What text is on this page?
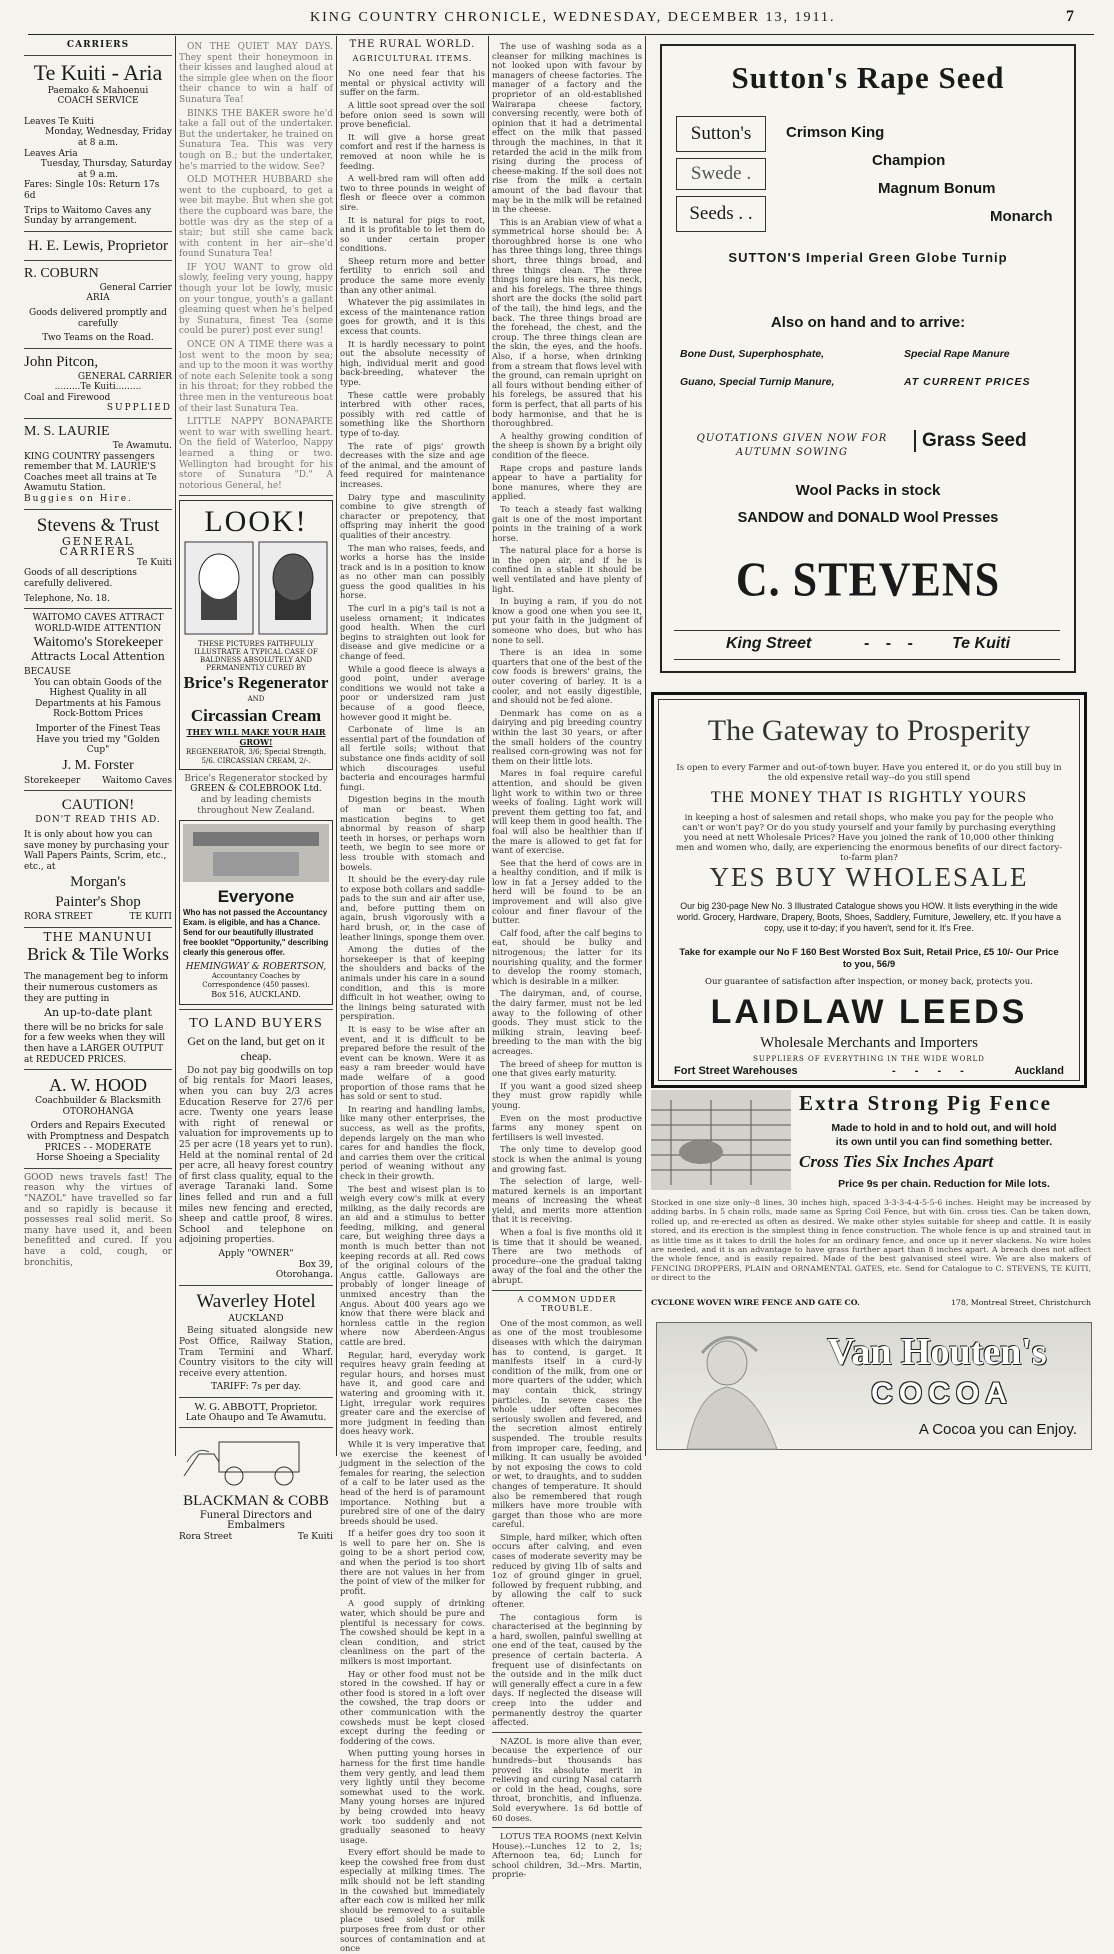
KING COUNTRY CHRONICLE, WEDNESDAY, DECEMBER 13, 1911.	7
CARRIERS
Te Kuiti - Aria
Paemako & Mahoenui
COACH SERVICE
Leaves Te Kuiti
Monday, Wednesday, Friday
at 8 a.m.
Leaves Aria
Tuesday, Thursday, Saturday
at 9 a.m.
Fares: Single 10s: Return 17s 6d
Trips to Waitomo Caves any Sunday by arrangement.
H. E. Lewis, Proprietor
R. COBURN
General Carrier
ARIA
Goods delivered promptly and carefully
Two Teams on the Road.
John Pitcon,
GENERAL CARRIER
.........Te Kuiti.........
Coal and Firewood
SUPPLIED
M. S. LAURIE
Te Awamutu.
KING COUNTRY passengers remember that M. LAURIE'S Coaches meet all trains at Te Awamutu Station.
Buggies on Hire.
Stevens & Trust
GENERAL
CARRIERS
Te Kuiti
Goods of all descriptions carefully delivered.
Telephone, No. 18.
WAITOMO CAVES ATTRACT WORLD-WIDE ATTENTION
Waitomo's Storekeeper
Attracts Local Attention
BECAUSE
You can obtain Goods of the Highest Quality in all Departments at his Famous Rock-Bottom Prices
Importer of the Finest Teas
Have you tried my "Golden Cup"
J. M. Forster
Storekeeper Waitomo Caves
CAUTION!
DON'T READ THIS AD.
It is only about how you can save money by purchasing your Wall Papers Paints, Scrim, etc., etc., at
Morgan's
Painter's Shop
RORA STREET	TE KUITI
THE MANUNUI
Brick & Tile Works
The management beg to inform their numerous customers as they are putting in
An up-to-date plant
there will be no bricks for sale for a few weeks when they will then have a LARGER OUTPUT at REDUCED PRICES.
A. W. HOOD
Coachbuilder & Blacksmith
OTOROHANGA
Orders and Repairs Executed with Promptness and Despatch
PRICES - - MODERATE
Horse Shoeing a Speciality
GOOD news travels fast! The reason why the virtues of "NAZOL" have travelled so far and so rapidly is because it possesses real solid merit. So many have used it, and been benefitted and cured. If you have a cold, cough, or bronchitis,
ON THE QUIET MAY DAYS. They spent their honeymoon in their kisses and laughed aloud at the simple glee when on the floor their chance to win a half of Sunatura Tea!
BINKS THE BAKER swore he'd take a fall out of the undertaker. But the undertaker, he trained on Sunatura Tea. This was very tough on B.; but the undertaker, he's married to the widow. See?
OLD MOTHER HUBBARD she went to the cupboard, to get a wee bit maybe. But when she got there the cupboard was bare, the bottle was dry as the step of a stair; but still she came back with content in her air--she'd found Sunatura Tea!
IF YOU WANT to grow old slowly, feeling very young, happy though your lot be lowly, music on your tongue, youth's a gallant gleaming quest when he's helped by Sunatura, finest Tea (some could be purer) post ever sung!
ONCE ON A TIME there was a lost went to the moon by sea; and up to the moon it was worthy of note each Selenite took a song in his throat; for they robbed the three men in the ventureous boat of their last Sunatura Tea.
LITTLE NAPPY BONAPARTE went to war with swelling heart. On the field of Waterloo, Nappy learned a thing or two. Wellington had brought for his store of Sunatura "D." A notorious General, he!
LOOK!
THESE PICTURES FAITHFULLY ILLUSTRATE A TYPICAL CASE OF BALDNESS ABSOLUTELY AND PERMANENTLY CURED BY
Brice's Regenerator
AND
Circassian Cream
THEY WILL MAKE YOUR HAIR GROW!
REGENERATOR, 3/6; Special Strength, 5/6. CIRCASSIAN CREAM, 2/-.
Brice's Regenerator stocked by
GREEN & COLEBROOK Ltd.
and by leading chemists throughout New Zealand.
Everyone
Who has not passed the Accountancy Exam. is eligible, and has a Chance. Send for our beautifully illustrated free booklet "Opportunity," describing clearly this generous offer.
HEMINGWAY & ROBERTSON,
Accountancy Coaches by Correspondence (450 passes).
Box 516, AUCKLAND.
TO LAND BUYERS
Get on the land, but get on it cheap.
Do not pay big goodwills on top of big rentals for Maori leases, when you can buy 2/3 acres Education Reserve for 27/6 per acre. Twenty one years lease with right of renewal or valuation for improvements up to 25 per acre (18 years yet to run). Held at the nominal rental of 2d per acre, all heavy forest country of first class quality, equal to the average Taranaki land. Some lines felled and run and a full miles new fencing and erected, sheep and cattle proof, 8 wires. School and telephone on adjoining properties.
Apply "OWNER"
Box 39,
Otorohanga.
Waverley Hotel
AUCKLAND
Being situated alongside new Post Office, Railway Station, Tram Termini and Wharf. Country visitors to the city will receive every attention.
TARIFF: 7s per day.
W. G. ABBOTT, Proprietor.
Late Ohaupo and Te Awamutu.
BLACKMAN & COBB
Funeral Directors and Embalmers
Rora Street	Te Kuiti
THE RURAL WORLD.
AGRICULTURAL ITEMS.
No one need fear that his mental or physical activity will suffer on the farm.
A little soot spread over the soil before onion seed is sown will prove beneficial.
It will give a horse great comfort and rest if the harness is removed at noon while he is feeding.
A well-bred ram will often add two to three pounds in weight of flesh or fleece over a common sire.
It is natural for pigs to root, and it is profitable to let them do so under certain proper conditions.
Sheep return more and better fertility to enrich soil and produce the same more evenly than any other animal.
Whatever the pig assimilates in excess of the maintenance ration goes for growth, and it is this excess that counts.
It is hardly necessary to point out the absolute necessity of high, individual merit and good back-breeding, whatever the type.
These cattle were probably interbred with other races, possibly with red cattle of something like the Shorthorn type of to-day.
The rate of pigs' growth decreases with the size and age of the animal, and the amount of feed required for maintenance increases.
Dairy type and masculinity combine to give strength of character or prepotency, that offspring may inherit the good qualities of their ancestry.
The man who raises, feeds, and works a horse has the inside track and is in a position to know as no other man can possibly guess the good qualities in his horse.
The curl in a pig's tail is not a useless ornament; it indicates good health. When the curl begins to straighten out look for disease and give medicine or a change of feed.
While a good fleece is always a good point, under average conditions we would not take a poor or undersized ram just because of a good fleece, however good it might be.
Carbonate of lime is an essential part of the foundation of all fertile soils; without that substance one finds acidity of soil which discourages useful bacteria and encourages harmful fungi.
Digestion begins in the mouth of man or beast. When mastication begins to get abnormal by reason of sharp teeth in horses, or perhaps worn teeth, we begin to see more or less trouble with stomach and bowels.
It should be the every-day rule to expose both collars and saddle-pads to the sun and air after use, and, before putting them on again, brush vigorously with a hard brush, or, in the case of leather linings, sponge them over.
Among the duties of the horsekeeper is that of keeping the shoulders and backs of the animals under his care in a sound condition, and this is more difficult in hot weather, owing to the linings being saturated with perspiration.
It is easy to be wise after an event, and it is difficult to be prepared before the result of the event can be known. Were it as easy a ram breeder would have made welfare of a good proportion of those rams that he has sold or sent to stud.
In rearing and handling lambs, like many other enterprises, the success, as well as the profits, depends largely on the man who cares for and handles the flock, and carries them over the critical period of weaning without any check in their growth.
The best and wisest plan is to weigh every cow's milk at every milking, as the daily records are an aid and a stimulus to better feeding, milking, and general care, but weighing three days a month is much better than not keeping records at all. Red cows of the original colours of the Angus cattle. Galloways are probably of longer lineage of unmixed ancestry than the Angus. About 400 years ago we know that there were black and hornless cattle in the region where now Aberdeen-Angus cattle are bred.
Regular, hard, everyday work requires heavy grain feeding at regular hours, and horses must have it, and good care and watering and grooming with it. Light, irregular work requires greater care and the exercise of more judgment in feeding than does heavy work.
While it is very imperative that we exercise the keenest of judgment in the selection of the females for rearing, the selection of a calf to be later used as the head of the herd is of paramount importance. Nothing but a purebred sire of one of the dairy breeds should be used.
If a heifer goes dry too soon it is well to pare her on. She is going to be a short period cow, and when the period is too short there are not values in her from the point of view of the milker for profit.
A good supply of drinking water, which should be pure and plentiful is necessary for cows. The cowshed should be kept in a clean condition, and strict cleanliness on the part of the milkers is most important.
Hay or other food must not be stored in the cowshed. If hay or other food is stored in a loft over the cowshed, the trap doors or other communication with the cowsheds must be kept closed except during the feeding or foddering of the cows.
When putting young horses in harness for the first time handle them very gently, and lead them very lightly until they become somewhat used to the work. Many young horses are injured by being crowded into heavy work too suddenly and not gradually seasoned to heavy usage.
Every effort should be made to keep the cowshed free from dust especially at milking times. The milk should not be left standing in the cowshed but immediately after each cow is milked her milk should be removed to a suitable place used solely for milk purposes free from dust or other sources of contamination and at once
The use of washing soda as a cleanser for milking machines is not looked upon with favour by managers of cheese factories. The manager of a factory and the proprietor of an old-established Wairarapa cheese factory, conversing recently, were both of opinion that it had a detrimental effect on the milk that passed through the machines, in that it retarded the acid in the milk from rising during the process of cheese-making. If the soil does not rise from the milk a certain amount of the bad flavour that may be in the milk will be retained in the cheese.
This is an Arabian view of what a symmetrical horse should be: A thoroughbred horse is one who has three things long, three things short, three things broad, and three things clean. The three things long are his ears, his neck, and his forelegs. The three things short are the docks (the solid part of the tail), the hind legs, and the back. The three things broad are the forehead, the chest, and the croup. The three things clean are the skin, the eyes, and the hoofs. Also, if a horse, when drinking from a stream that flows level with the ground, can remain upright on all fours without bending either of his forelegs, be assured that his form is perfect, that all parts of his body harmonise, and that he is thoroughbred.
A healthy growing condition of the sheep is shown by a bright oily condition of the fleece.
Rape crops and pasture lands appear to have a partiality for bone manures, where they are applied.
To teach a steady fast walking gait is one of the most important points in the training of a work horse.
The natural place for a horse is in the open air, and if he is confined in a stable it should be well ventilated and have plenty of light.
In buying a ram, if you do not know a good one when you see it, put your faith in the judgment of someone who does, but who has none to sell.
There is an idea in some quarters that one of the best of the cow foods is brewers' grains, the outer covering of barley. It is a cooler, and not easily digestible, and should not be fed alone.
Denmark has come on as a dairying and pig breeding country within the last 30 years, or after the small holders of the country realised corn-growing was not for them on their little lots.
Mares in foal require careful attention, and should be given light work to within two or three weeks of foaling. Light work will prevent them getting too fat, and will keep them in good health. The foal will also be healthier than if the mare is allowed to get fat for want of exercise.
See that the herd of cows are in a healthy condition, and if milk is low in fat a Jersey added to the herd will be found to be an improvement and will also give colour and finer flavour of the butter.
Calf food, after the calf begins to eat, should be bulky and nitrogenous; the latter for its nourishing quality, and the former to develop the roomy stomach, which is desirable in a milker.
The dairyman, and, of course, the dairy farmer, must not be led away to the following of other goods. They must stick to the milking strain, leaving beef-breeding to the man with the big acreages.
The breed of sheep for mutton is one that gives early maturity.
If you want a good sized sheep they must grow rapidly while young.
Even on the most productive farms any money spent on fertilisers is well invested.
The only time to develop good stock is when the animal is young and growing fast.
The selection of large, well-matured kernels is an important means of increasing the wheat yield, and merits more attention that it is receiving.
When a foal is five months old it is time that it should be weaned. There are two methods of procedure--one the gradual taking away of the foal and the other the abrupt.
A COMMON UDDER TROUBLE.
One of the most common, as well as one of the most troublesome diseases with which the dairyman has to contend, is garget. It manifests itself in a curd-ly condition of the milk, from one or more quarters of the udder, which may contain thick, stringy particles. In severe cases the whole udder often becomes seriously swollen and fevered, and the secretion almost entirely suspended. The trouble results from improper care, feeding, and milking. It can usually be avoided by not exposing the cows to cold or wet, to draughts, and to sudden changes of temperature. It should also be remembered that rough milkers have more trouble with garget than those who are more careful.
Simple, hard milker, which often occurs after calving, and even cases of moderate severity may be reduced by giving 1lb of salts and 1oz of ground ginger in gruel, followed by frequent rubbing, and by allowing the calf to suck oftener.
The contagious form is characterised at the beginning by a hard, swollen, painful swelling at one end of the teat, caused by the presence of certain bacteria. A frequent use of disinfectants on the outside and in the milk duct will generally effect a cure in a few days. If neglected the disease will creep into the udder and permanently destroy the quarter affected.
NAZOL is more alive than ever, because the experience of our hundreds--but thousands has proved its absolute merit in relieving and curing Nasal catarrh or cold in the head, coughs, sore throat, bronchitis, and influenza. Sold everywhere. 1s 6d bottle of 60 doses.
LOTUS TEA ROOMS (next Kelvin House).--Lunches 12 to 2, 1s; Afternoon tea, 6d; Lunch for school children, 3d.--Mrs. Martin, proprie-
Sutton's Rape Seed
Sutton's
Swede .
Seeds . .
Crimson King
Champion
Magnum Bonum
Monarch
SUTTON'S Imperial Green Globe Turnip
Also on hand and to arrive:
Bone Dust, Superphosphate,	Special Rape Manure
Guano, Special Turnip Manure,	AT CURRENT PRICES
QUOTATIONS GIVEN NOW FOR AUTUMN SOWING
Grass Seed
Wool Packs in stock
SANDOW and DONALD Wool Presses
C. STEVENS
King Street	- - - Te Kuiti
The Gateway to Prosperity
Is open to every Farmer and out-of-town buyer. Have you entered it, or do you still buy in the old expensive retail way--do you still spend
THE MONEY THAT IS RIGHTLY YOURS
in keeping a host of salesmen and retail shops, who make you pay for the people who can't or won't pay? Or do you study yourself and your family by purchasing everything you need at nett Wholesale Prices? Have you joined the rank of 10,000 other thinking men and women who, daily, are experiencing the enormous benefits of our direct factory-to-farm plan?
YES BUY WHOLESALE
Our big 230-page New No. 3 Illustrated Catalogue shows you HOW. It lists everything in the wide world. Grocery, Hardware, Drapery, Boots, Shoes, Saddlery, Furniture, Jewellery, etc. If you have a copy, use it to-day; if you haven't, send for it. It's Free.
Take for example our No F 160 Best Worsted Box Suit, Retail Price, £5 10/- Our Price to you, 56/9
Our guarantee of satisfaction after inspection, or money back, protects you.
LAIDLAW LEEDS
Wholesale Merchants and Importers
SUPPLIERS OF EVERYTHING IN THE WIDE WORLD
Fort Street Warehouses	- - - -	Auckland
Extra Strong Pig Fence
Made to hold in and to hold out, and will hold
its own until you can find something better.
Cross Ties Six Inches Apart
Price 9s per chain. Reduction for Mile lots.
Stocked in one size only--8 lines, 30 inches high, spaced 3-3-3-4-4-5-5-6 inches. Height may be increased by adding barbs. In 5 chain rolls, made same as Spring Coil Fence, but with 6in. cross ties. Can be taken down, rolled up, and re-erected as often as desired. We make other styles suitable for sheep and cattle. It is easily stored, and its erection is the simplest thing in fence construction. The whole fence is up and strained taut in as little time as it takes to drill the holes for an ordinary fence, and once up it never slackens. No wire holes are needed, and it is an advantage to have grass further apart than 8 inches apart. A breach does not affect the whole fence, and is easily repaired. Made of the best galvanised steel wire. We are also makers of FENCING DROPPERS, PLAIN and ORNAMENTAL GATES, etc. Send for Catalogue to C. STEVENS, TE KUITI, or direct to the
CYCLONE WOVEN WIRE FENCE AND GATE CO.	178, Montreal Street, Christchurch
Van Houten's
COCOA
A Cocoa you can Enjoy.
